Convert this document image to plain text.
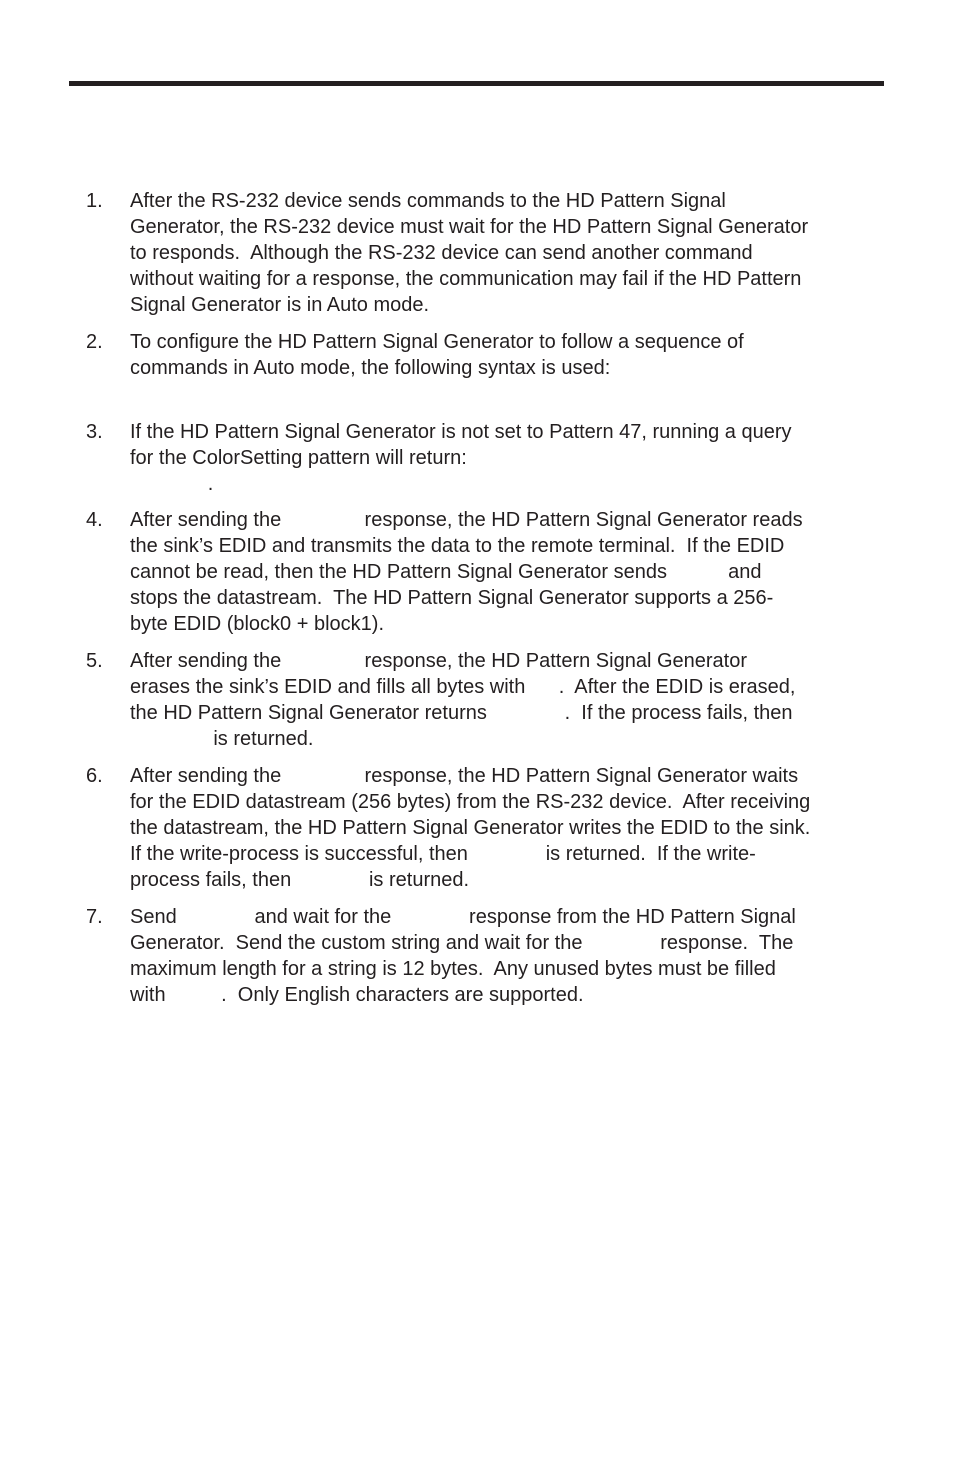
1.	After the RS-232 device sends commands to the HD Pattern Signal
Generator, the RS-232 device must wait for the HD Pattern Signal Generator
to responds.  Although the RS-232 device can send another command
without waiting for a response, the communication may fail if the HD Pattern
Signal Generator is in Auto mode.
2.	To configure the HD Pattern Signal Generator to follow a sequence of
commands in Auto mode, the following syntax is used:
3.	If the HD Pattern Signal Generator is not set to Pattern 47, running a query
for the ColorSetting pattern will return:
.
4.	After sending the               response, the HD Pattern Signal Generator reads
the sink’s EDID and transmits the data to the remote terminal.  If the EDID
cannot be read, then the HD Pattern Signal Generator sends           and
stops the datastream.  The HD Pattern Signal Generator supports a 256-
byte EDID (block0 + block1).
5.	After sending the               response, the HD Pattern Signal Generator
erases the sink’s EDID and fills all bytes with      .  After the EDID is erased,
the HD Pattern Signal Generator returns              .  If the process fails, then
is returned.
6.	After sending the               response, the HD Pattern Signal Generator waits
for the EDID datastream (256 bytes) from the RS-232 device.  After receiving
the datastream, the HD Pattern Signal Generator writes the EDID to the sink.
If the write-process is successful, then              is returned.  If the write-
process fails, then              is returned.
7.	Send              and wait for the              response from the HD Pattern Signal
Generator.  Send the custom string and wait for the              response.  The
maximum length for a string is 12 bytes.  Any unused bytes must be filled
with          .  Only English characters are supported.
